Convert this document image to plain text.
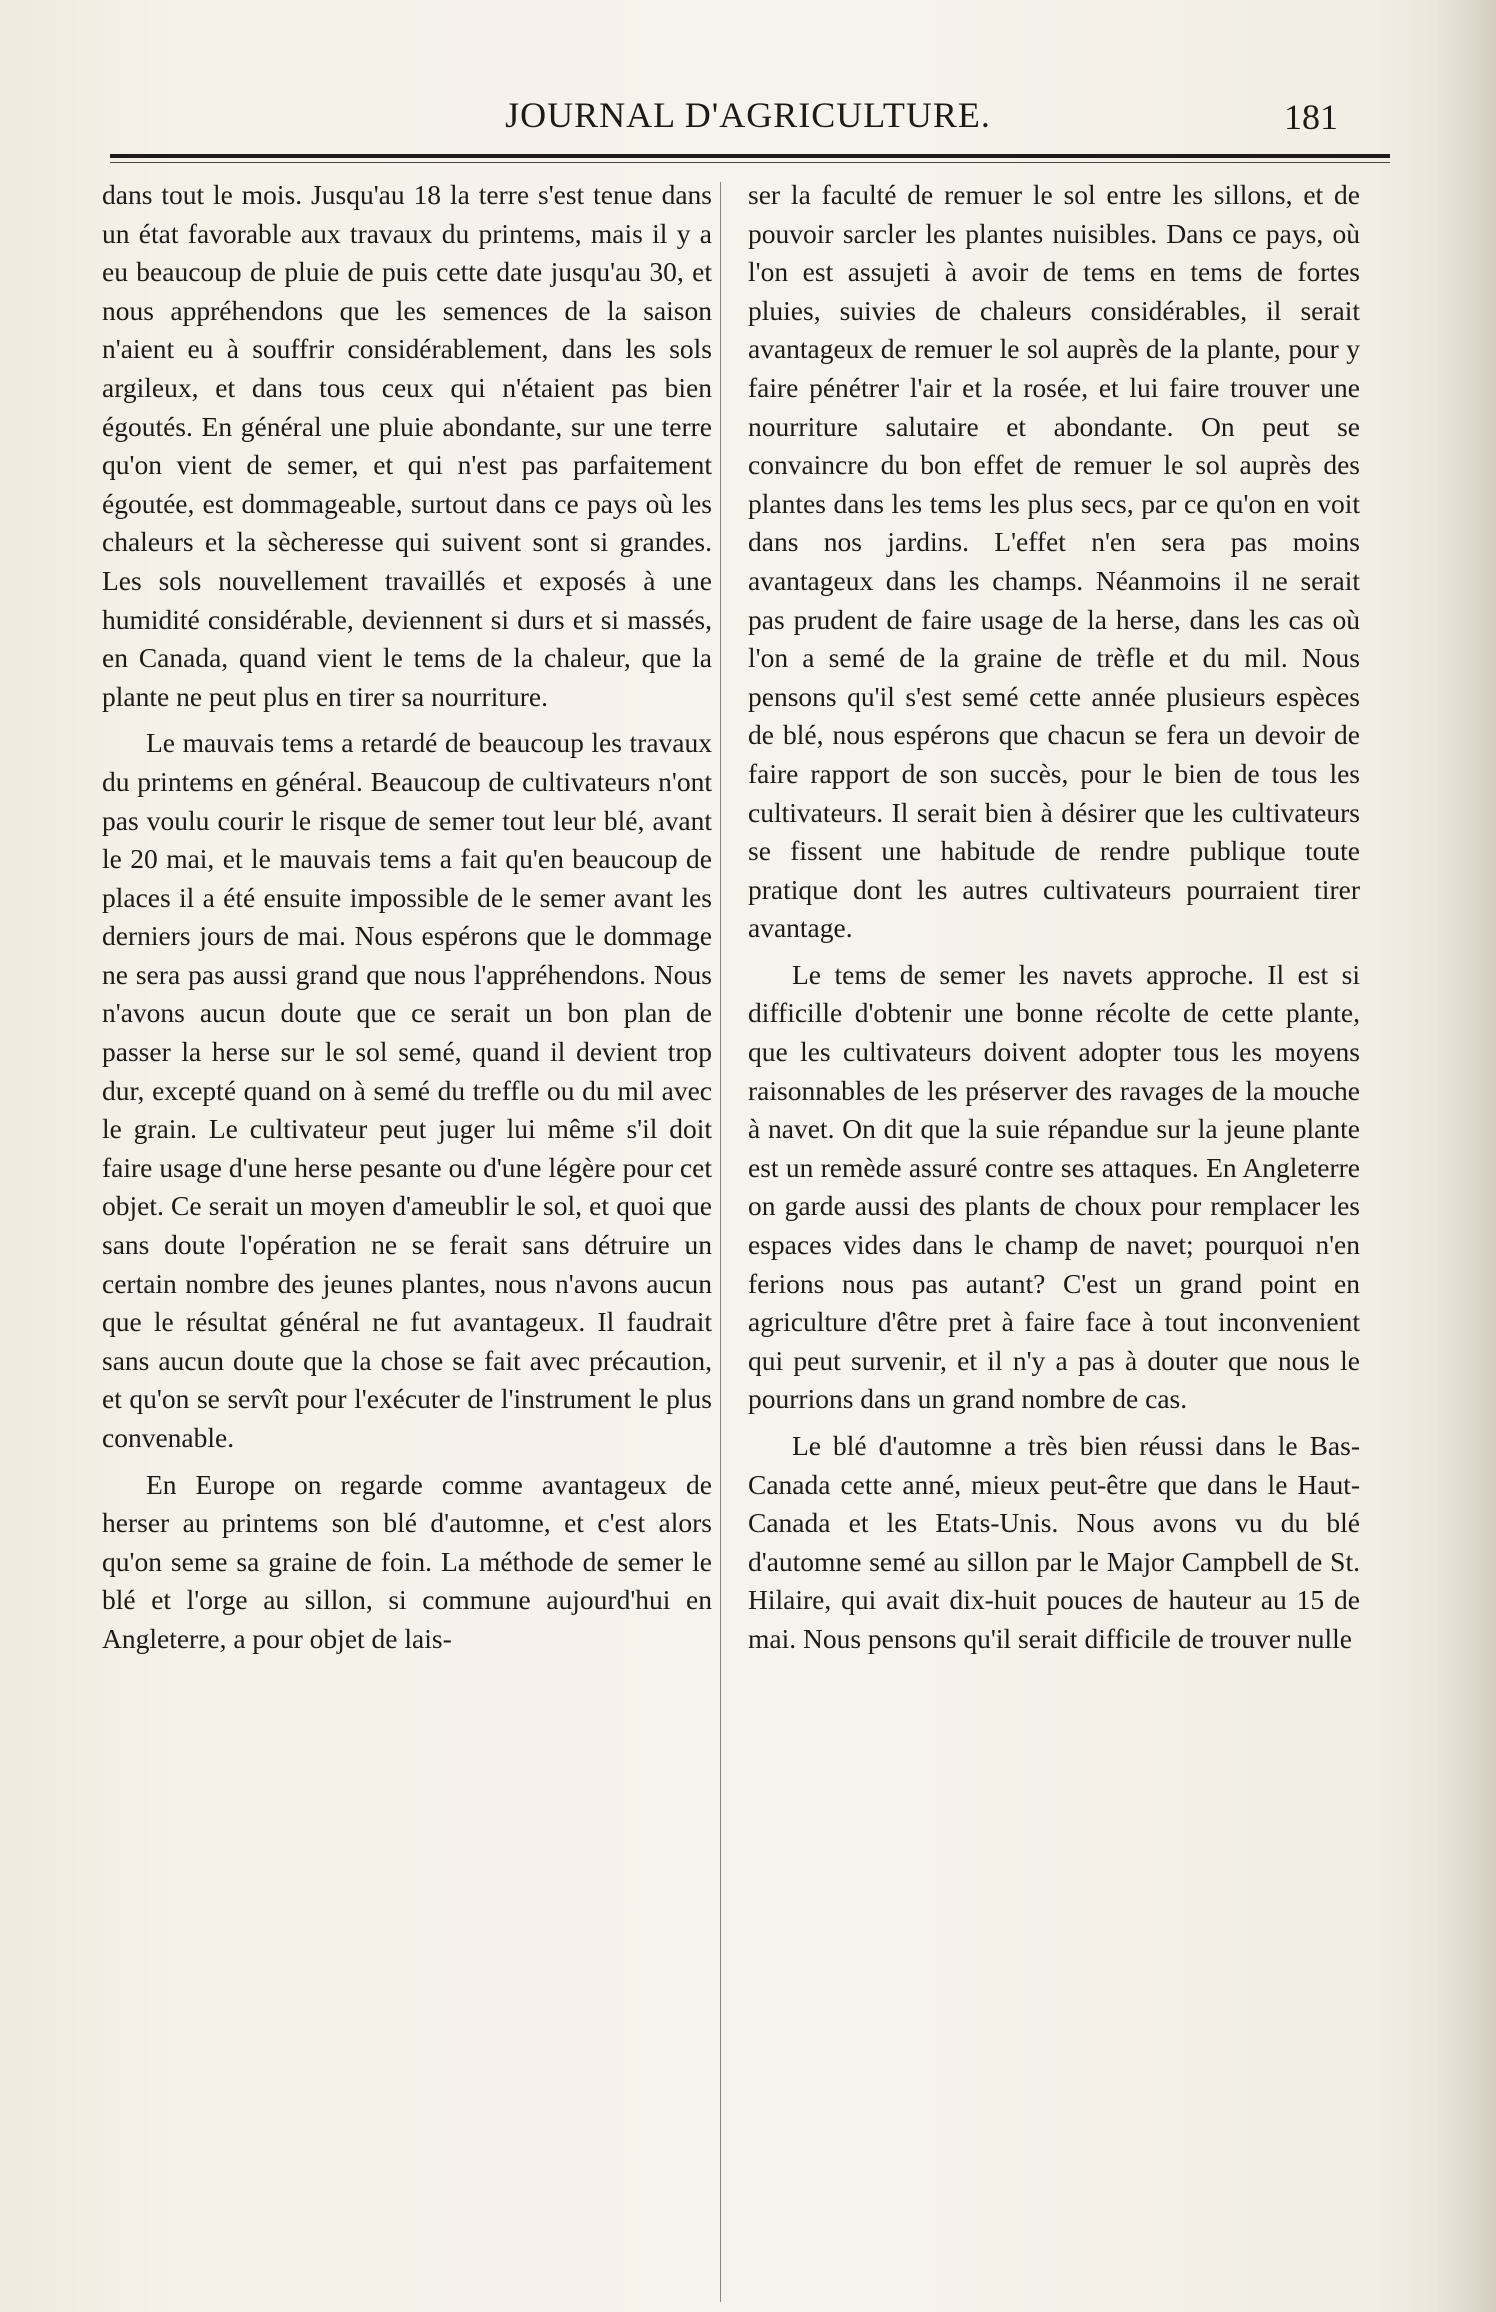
JOURNAL D'AGRICULTURE.	181

dans tout le mois. Jusqu'au 18 la terre s'est tenue dans un état favorable aux travaux du printems, mais il y a eu beaucoup de pluie de puis cette date jusqu'au 30, et nous appréhendons que les semences de la saison n'aient eu à souffrir considérablement, dans les sols argileux, et dans tous ceux qui n'étaient pas bien égoutés. En général une pluie abondante, sur une terre qu'on vient de semer, et qui n'est pas parfaitement égoutée, est dommageable, surtout dans ce pays où les chaleurs et la sècheresse qui suivent sont si grandes. Les sols nouvellement travaillés et exposés à une humidité considérable, deviennent si durs et si massés, en Canada, quand vient le tems de la chaleur, que la plante ne peut plus en tirer sa nourriture.

Le mauvais tems a retardé de beaucoup les travaux du printems en général. Beaucoup de cultivateurs n'ont pas voulu courir le risque de semer tout leur blé, avant le 20 mai, et le mauvais tems a fait qu'en beaucoup de places il a été ensuite impossible de le semer avant les derniers jours de mai. Nous espérons que le dommage ne sera pas aussi grand que nous l'appréhendons. Nous n'avons aucun doute que ce serait un bon plan de passer la herse sur le sol semé, quand il devient trop dur, excepté quand on à semé du treffle ou du mil avec le grain. Le cultivateur peut juger lui même s'il doit faire usage d'une herse pesante ou d'une légère pour cet objet. Ce serait un moyen d'ameublir le sol, et quoi que sans doute l'opération ne se ferait sans détruire un certain nombre des jeunes plantes, nous n'avons aucun que le résultat général ne fut avantageux. Il faudrait sans aucun doute que la chose se fait avec précaution, et qu'on se servît pour l'exécuter de l'instrument le plus convenable.

En Europe on regarde comme avantageux de herser au printems son blé d'automne, et c'est alors qu'on seme sa graine de foin. La méthode de semer le blé et l'orge au sillon, si commune aujourd'hui en Angleterre, a pour objet de lais-

ser la faculté de remuer le sol entre les sillons, et de pouvoir sarcler les plantes nuisibles. Dans ce pays, où l'on est assujeti à avoir de tems en tems de fortes pluies, suivies de chaleurs considérables, il serait avantageux de remuer le sol auprès de la plante, pour y faire pénétrer l'air et la rosée, et lui faire trouver une nourriture salutaire et abondante. On peut se convaincre du bon effet de remuer le sol auprès des plantes dans les tems les plus secs, par ce qu'on en voit dans nos jardins. L'effet n'en sera pas moins avantageux dans les champs. Néanmoins il ne serait pas prudent de faire usage de la herse, dans les cas où l'on a semé de la graine de trèfle et du mil. Nous pensons qu'il s'est semé cette année plusieurs espèces de blé, nous espérons que chacun se fera un devoir de faire rapport de son succès, pour le bien de tous les cultivateurs. Il serait bien à désirer que les cultivateurs se fissent une habitude de rendre publique toute pratique dont les autres cultivateurs pourraient tirer avantage.

Le tems de semer les navets approche. Il est si difficille d'obtenir une bonne récolte de cette plante, que les cultivateurs doivent adopter tous les moyens raisonnables de les préserver des ravages de la mouche à navet. On dit que la suie répandue sur la jeune plante est un remède assuré contre ses attaques. En Angleterre on garde aussi des plants de choux pour remplacer les espaces vides dans le champ de navet; pourquoi n'en ferions nous pas autant? C'est un grand point en agriculture d'être pret à faire face à tout inconvenient qui peut survenir, et il n'y a pas à douter que nous le pourrions dans un grand nombre de cas.

Le blé d'automne a très bien réussi dans le Bas-Canada cette anné, mieux peut-être que dans le Haut-Canada et les Etats-Unis. Nous avons vu du blé d'automne semé au sillon par le Major Campbell de St. Hilaire, qui avait dix-huit pouces de hauteur au 15 de mai. Nous pensons qu'il serait difficile de trouver nulle
